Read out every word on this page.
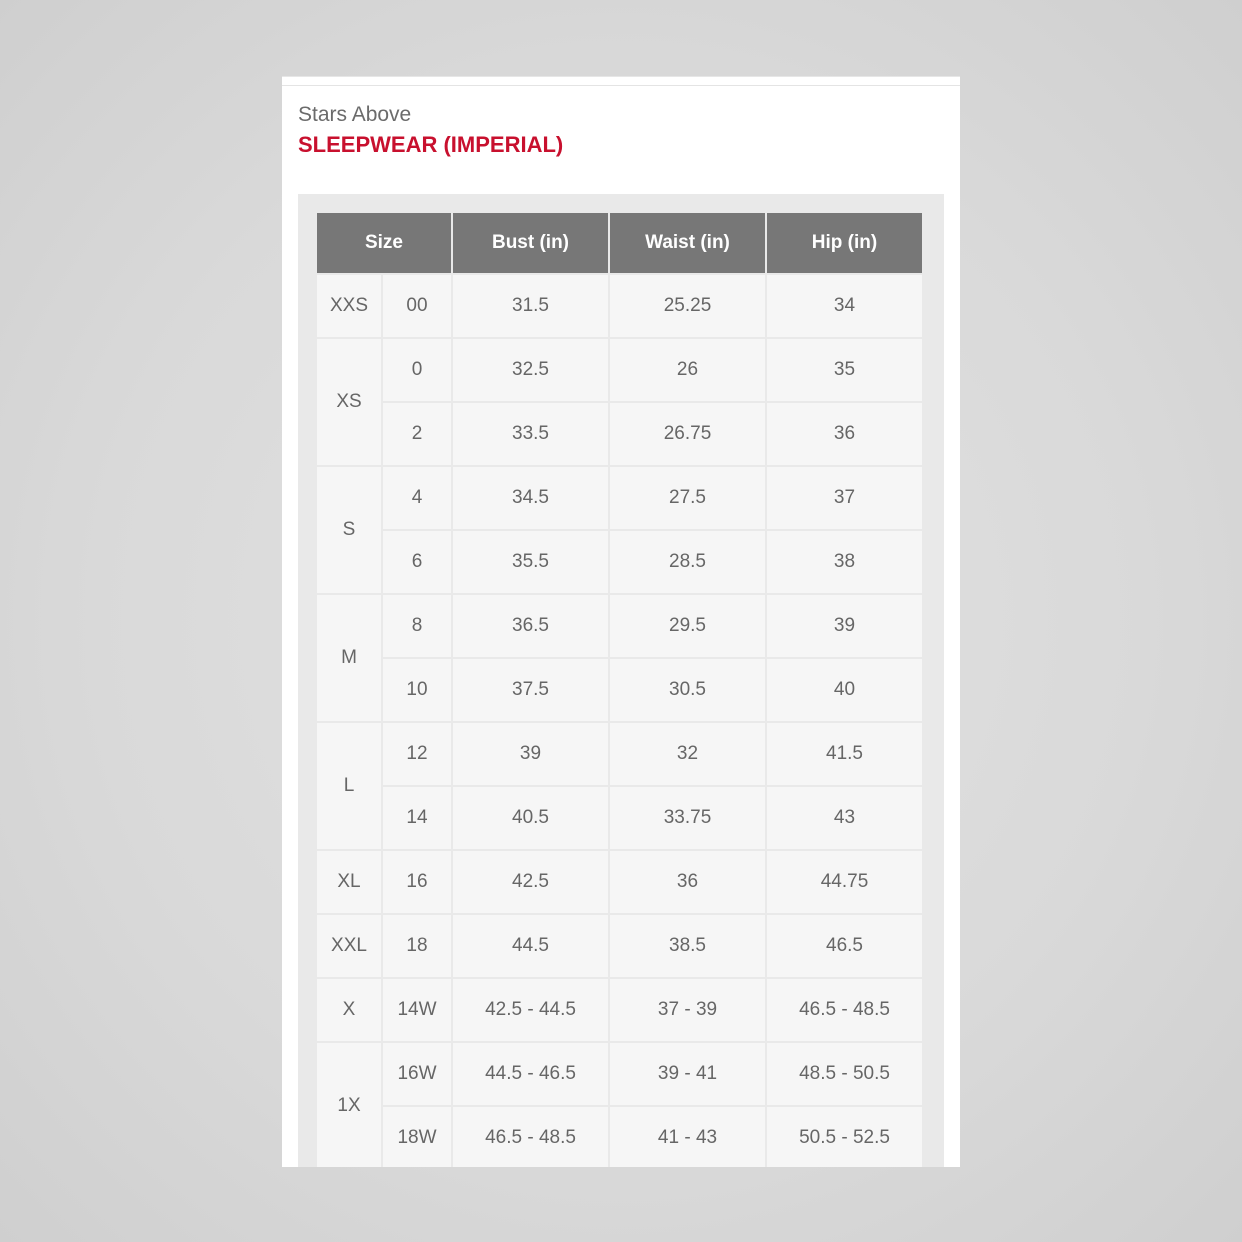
Stars Above
SLEEPWEAR (IMPERIAL)
Size		Bust (in)	Waist (in)	Hip (in)
XXS	00	31.5	25.25	34
XS	0	32.5	26	35
	2	33.5	26.75	36
S	4	34.5	27.5	37
	6	35.5	28.5	38
M	8	36.5	29.5	39
	10	37.5	30.5	40
L	12	39	32	41.5
	14	40.5	33.75	43
XL	16	42.5	36	44.75
XXL	18	44.5	38.5	46.5
X	14W	42.5 - 44.5	37 - 39	46.5 - 48.5
1X	16W	44.5 - 46.5	39 - 41	48.5 - 50.5
	18W	46.5 - 48.5	41 - 43	50.5 - 52.5
